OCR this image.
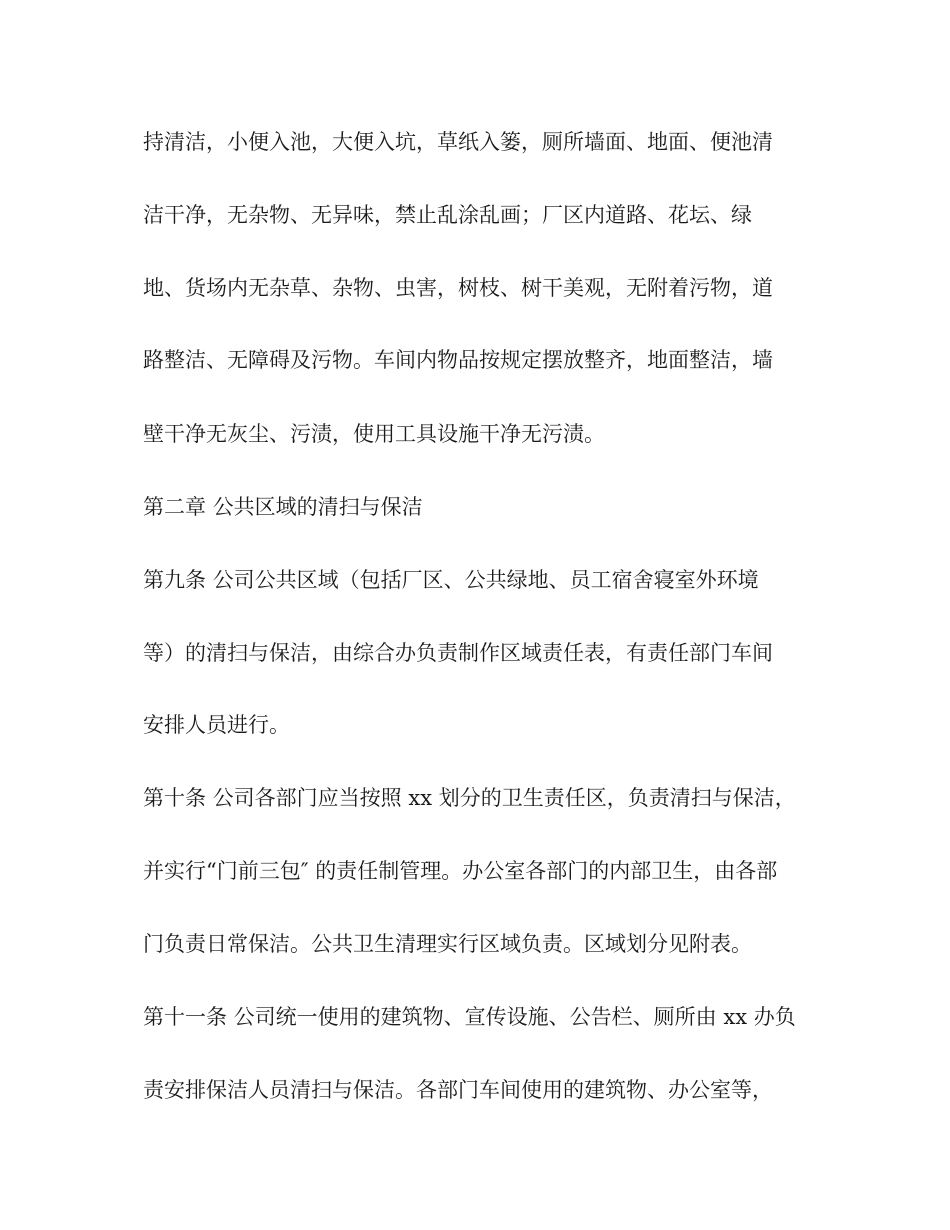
持清洁，小便入池，大便入坑，草纸入篓，厕所墙面、地面、便池清
洁干净，无杂物、无异味，禁止乱涂乱画；厂区内道路、花坛、绿
地、货场内无杂草、杂物、虫害，树枝、树干美观，无附着污物，道
路整洁、无障碍及污物。车间内物品按规定摆放整齐，地面整洁，墙
壁干净无灰尘、污渍，使用工具设施干净无污渍。
第二章 公共区域的清扫与保洁
第九条 公司公共区域（包括厂区、公共绿地、员工宿舍寝室外环境
等）的清扫与保洁，由综合办负责制作区域责任表，有责任部门车间
安排人员进行。
第十条 公司各部门应当按照 xx 划分的卫生责任区，负责清扫与保洁，
并实行“门前三包″ 的责任制管理。办公室各部门的内部卫生，由各部
门负责日常保洁。公共卫生清理实行区域负责。区域划分见附表。
第十一条 公司统一使用的建筑物、宣传设施、公告栏、厕所由 xx 办负
责安排保洁人员清扫与保洁。各部门车间使用的建筑物、办公室等，
